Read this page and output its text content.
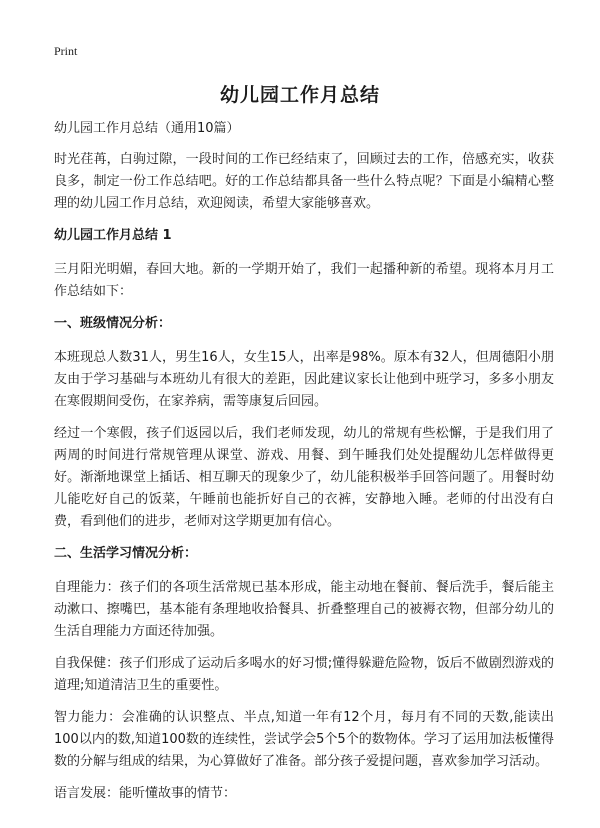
Print
幼儿园工作月总结

幼儿园工作月总结（通用10篇）

时光荏苒，白驹过隙，一段时间的工作已经结束了，回顾过去的工作，倍感充实，收获良多，制定一份工作总结吧。好的工作总结都具备一些什么特点呢？下面是小编精心整理的幼儿园工作月总结，欢迎阅读，希望大家能够喜欢。

幼儿园工作月总结 1

三月阳光明媚，春回大地。新的一学期开始了，我们一起播种新的希望。现将本月月工作总结如下：

一、班级情况分析：

本班现总人数31人，男生16人，女生15人，出率是98%。原本有32人，但周德阳小朋友由于学习基础与本班幼儿有很大的差距，因此建议家长让他到中班学习，多多小朋友在寒假期间受伤，在家养病，需等康复后回园。

经过一个寒假，孩子们返园以后，我们老师发现，幼儿的常规有些松懈，于是我们用了两周的时间进行常规管理从课堂、游戏、用餐、到午睡我们处处提醒幼儿怎样做得更好。渐渐地课堂上插话、相互聊天的现象少了，幼儿能积极举手回答问题了。用餐时幼儿能吃好自己的饭菜，午睡前也能折好自己的衣裤，安静地入睡。老师的付出没有白费，看到他们的进步，老师对这学期更加有信心。

二、生活学习情况分析：

自理能力：孩子们的各项生活常规已基本形成，能主动地在餐前、餐后洗手，餐后能主动漱口、擦嘴巴，基本能有条理地收拾餐具、折叠整理自己的被褥衣物，但部分幼儿的生活自理能力方面还待加强。

自我保健：孩子们形成了运动后多喝水的好习惯;懂得躲避危险物，饭后不做剧烈游戏的道理;知道清洁卫生的重要性。

智力能力：会准确的认识整点、半点,知道一年有12个月，每月有不同的天数,能读出100以内的数,知道100数的连续性，尝试学会5个5个的数物体。学习了运用加法板懂得数的分解与组成的结果，为心算做好了准备。部分孩子爱提问题，喜欢参加学习活动。

语言发展：能听懂故事的情节：
